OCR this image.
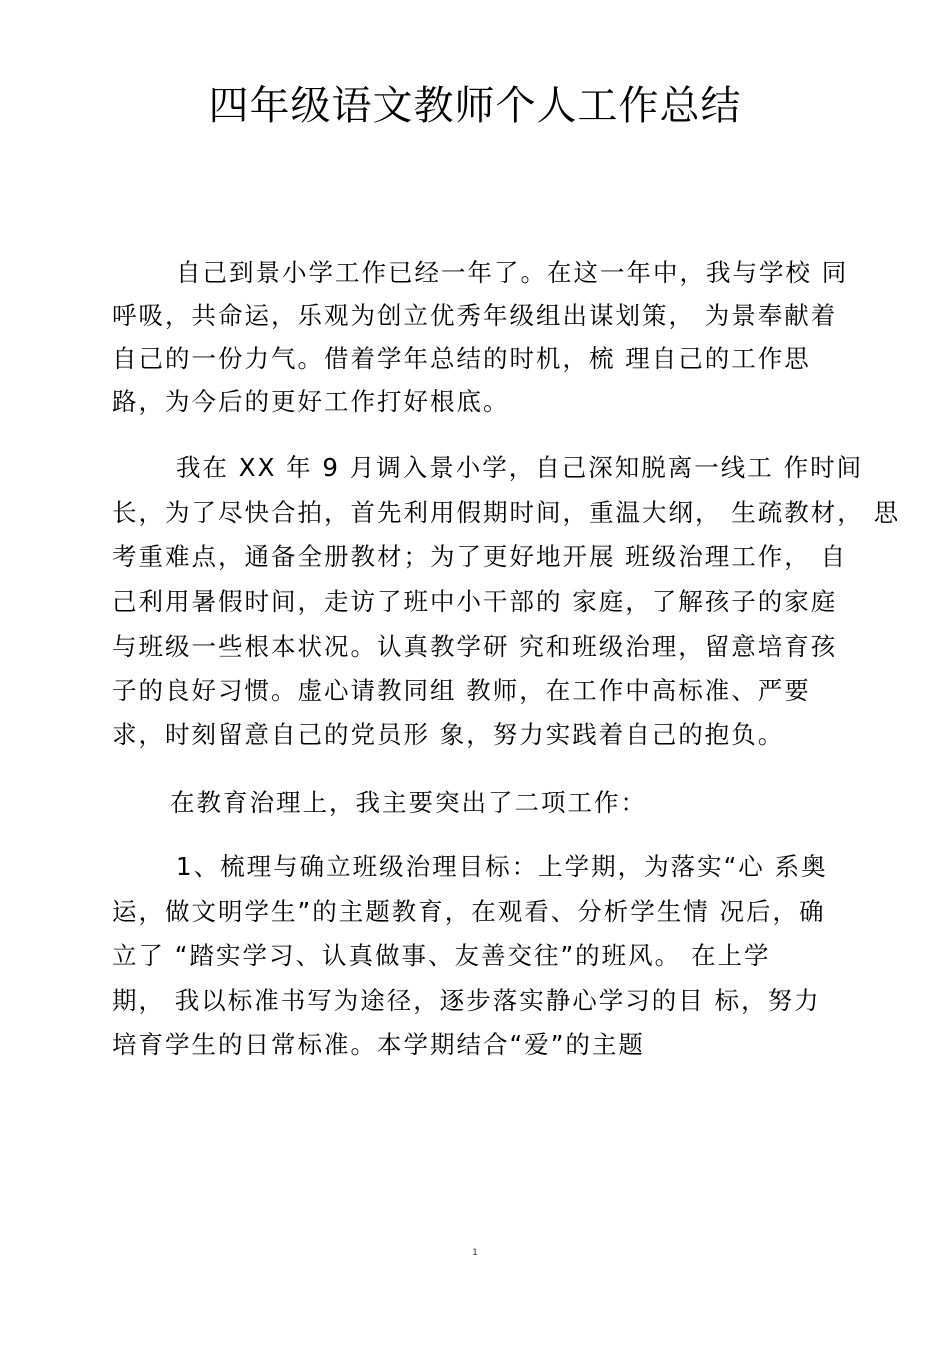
四年级语文教师个人工作总结
自己到景小学工作已经一年了。在这一年中，我与学校 同
呼吸，共命运，乐观为创立优秀年级组出谋划策， 为景奉献着
自己的一份力气。借着学年总结的时机，梳 理自己的工作思
路，为今后的更好工作打好根底。
我在 XX 年 9 月调入景小学，自己深知脱离一线工 作时间
长，为了尽快合拍，首先利用假期时间，重温大纲， 生疏教材， 思
考重难点，通备全册教材；为了更好地开展 班级治理工作， 自
己利用暑假时间，走访了班中小干部的 家庭，了解孩子的家庭
与班级一些根本状况。认真教学研 究和班级治理，留意培育孩
子的良好习惯。虚心请教同组 教师，在工作中高标准、严要
求，时刻留意自己的党员形 象，努力实践着自己的抱负。
在教育治理上，我主要突出了二项工作：
1、梳理与确立班级治理目标：上学期，为落实“心 系奥
运，做文明学生”的主题教育，在观看、分析学生情 况后，确
立了 “踏实学习、认真做事、友善交往”的班风。 在上学
期， 我以标准书写为途径，逐步落实静心学习的目 标，努力
培育学生的日常标准。本学期结合“爱”的主题
1
